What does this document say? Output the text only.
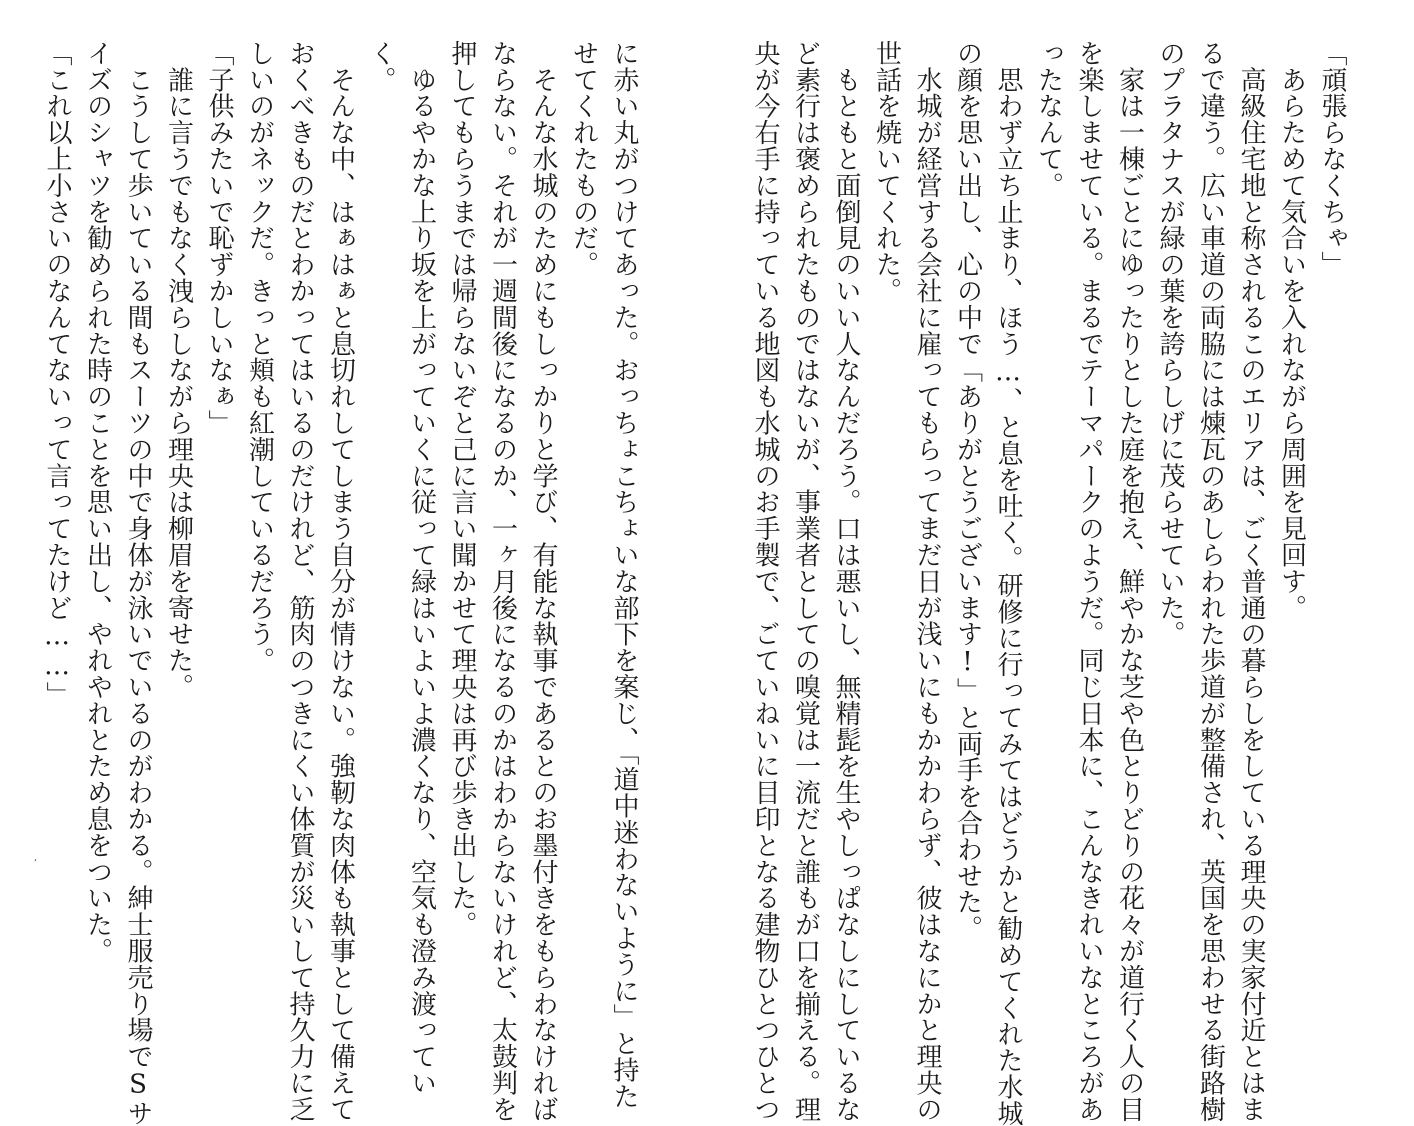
「頑張らなくちゃ」

　あらためて気合いを入れながら周囲を見回す。

　高級住宅地と称されるこのエリアは、ごく普通の暮らしをしている理央の実家付近とはま

るで違う。広い車道の両脇には煉瓦のあしらわれた歩道が整備され、英国を思わせる街路樹

のプラタナスが緑の葉を誇らしげに茂らせていた。

　家は一棟ごとにゆったりとした庭を抱え、鮮やかな芝や色とりどりの花々が道行く人の目

を楽しませている。まるでテーマパークのようだ。同じ日本に、こんなきれいなところがあ

ったなんて。

　思わず立ち止まり、ほう…、と息を吐く。研修に行ってみてはどうかと勧めてくれた水城

の顔を思い出し、心の中で「ありがとうございます!」と両手を合わせた。

　水城が経営する会社に雇ってもらってまだ日が浅いにもかかわらず、彼はなにかと理央の

世話を焼いてくれた。

　もともと面倒見のいい人なんだろう。口は悪いし、無精髭を生やしっぱなしにしているな

ど素行は褒められたものではないが、事業者としての嗅覚は一流だと誰もが口を揃える。理

央が今右手に持っている地図も水城のお手製で、ごていねいに目印となる建物ひとつひとつ

に赤い丸がつけてあった。おっちょこちょいな部下を案じ、「道中迷わないように」と持た

せてくれたものだ。

　そんな水城のためにもしっかりと学び、有能な執事であるとのお墨付きをもらわなければ

ならない。それが一週間後になるのか、一ヶ月後になるのかはわからないけれど、太鼓判を

押してもらうまでは帰らないぞと己に言い聞かせて理央は再び歩き出した。

　ゆるやかな上り坂を上がっていくに従って緑はいよいよ濃くなり、空気も澄み渡ってい

く。

　そんな中、はぁはぁと息切れしてしまう自分が情けない。強靭な肉体も執事として備えて

おくべきものだとわかってはいるのだけれど、筋肉のつきにくい体質が災いして持久力に乏

しいのがネックだ。きっと頬も紅潮しているだろう。

「子供みたいで恥ずかしいなぁ」

　誰に言うでもなく洩らしながら理央は柳眉を寄せた。

　こうして歩いている間もスーツの中で身体が泳いでいるのがわかる。紳士服売り場でSサ

イズのシャツを勧められた時のことを思い出し、やれやれとため息をついた。

「これ以上小さいのなんてないって言ってたけど……」

,
